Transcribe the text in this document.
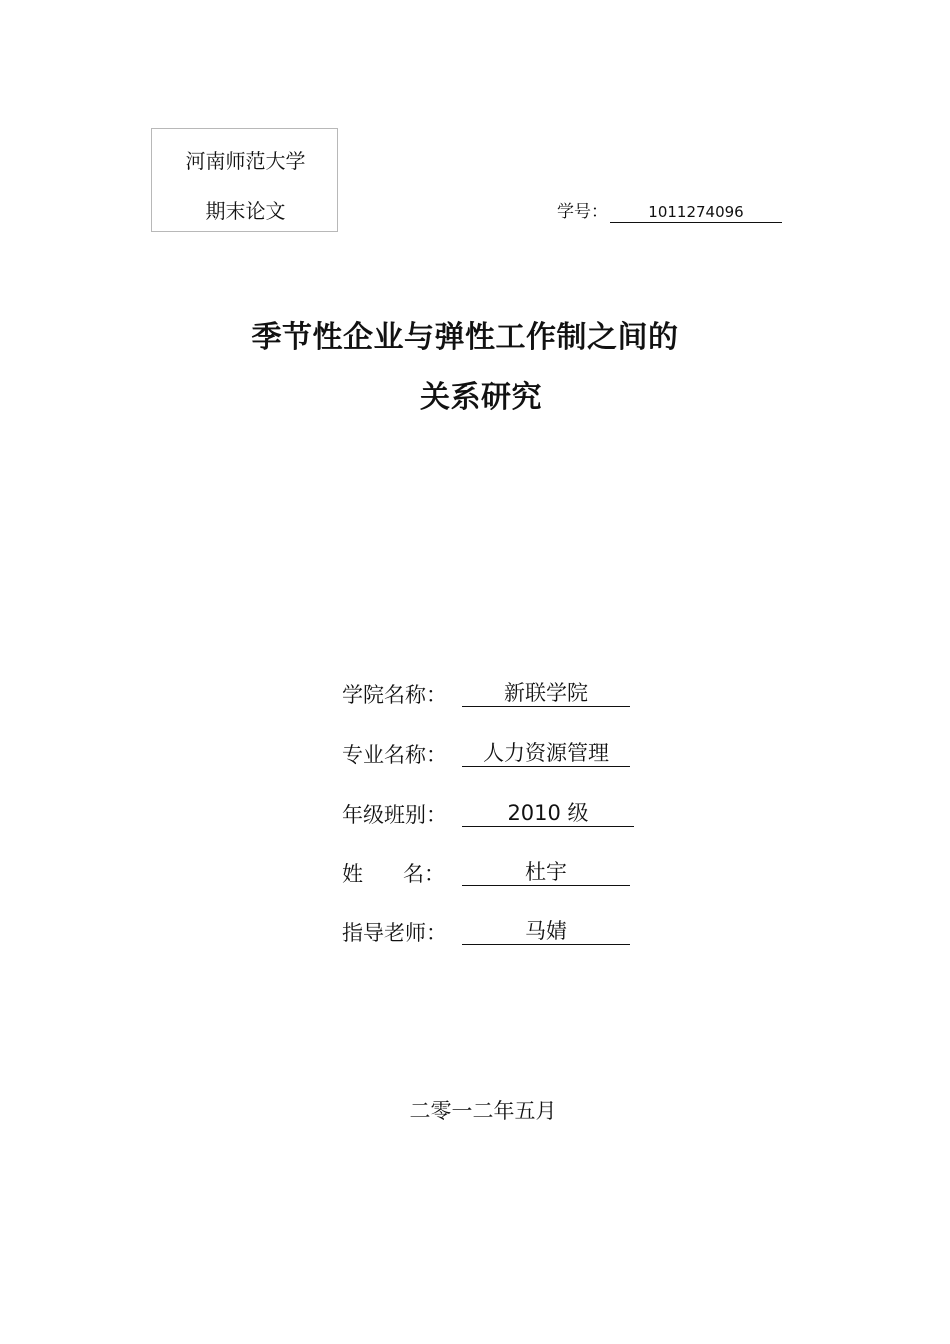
河南师范大学
期末论文	学号：	1011274096
季节性企业与弹性工作制之间的
关系研究
学院名称：	新联学院
专业名称： 人力资源管理
年级班别：	2010 级
姓      名：	杜宇
指导老师：	马婧
二零一二年五月
